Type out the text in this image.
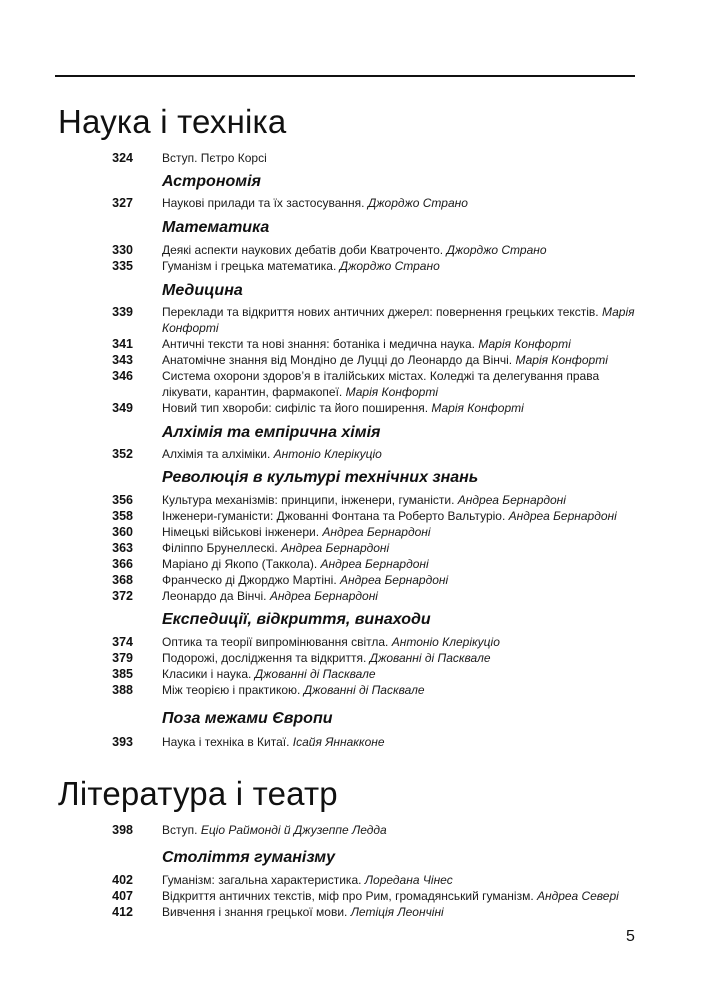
Наука і техніка
324 Вступ. Пєтро Корсі
Астрономія
327 Наукові прилади та їх застосування. Джорджо Страно
Математика
330 Деякі аспекти наукових дебатів доби Кватроченто. Джорджо Страно
335 Гуманізм і грецька математика. Джорджо Страно
Медицина
339 Переклади та відкриття нових античних джерел: повернення грецьких текстів. Марія Конфорті
341 Античні тексти та нові знання: ботаніка і медична наука. Марія Конфорті
343 Анатомічне знання від Мондіно де Луцці до Леонардо да Вінчі. Марія Конфорті
346 Система охорони здоров’я в італійських містах. Коледжі та делегування права лікувати, карантин, фармакопеї. Марія Конфорті
349 Новий тип хвороби: сифіліс та його поширення. Марія Конфорті
Алхімія та емпірична хімія
352 Алхімія та алхіміки. Антоніо Клерікуціо
Революція в культурі технічних знань
356 Культура механізмів: принципи, інженери, гуманісти. Андреа Бернардоні
358 Інженери-гуманісти: Джованні Фонтана та Роберто Вальтуріо. Андреа Бернардоні
360 Німецькі військові інженери. Андреа Бернардоні
363 Філіппо Брунеллескі. Андреа Бернардоні
366 Маріано ді Якопо (Таккола). Андреа Бернардоні
368 Франческо ді Джорджо Мартіні. Андреа Бернардоні
372 Леонардо да Вінчі. Андреа Бернардоні
Експедиції, відкриття, винаходи
374 Оптика та теорії випромінювання світла. Антоніо Клерікуціо
379 Подорожі, дослідження та відкриття. Джованні ді Пасквале
385 Класики і наука. Джованні ді Пасквале
388 Між теорією і практикою. Джованні ді Пасквале
Поза межами Європи
393 Наука і техніка в Китаї. Ісайя Яннакконе
Література і театр
398 Вступ. Еціо Раймонді й Джузеппе Ледда
Століття гуманізму
402 Гуманізм: загальна характеристика. Лоредана Чінес
407 Відкриття античних текстів, міф про Рим, громадянський гуманізм. Андреа Севері
412 Вивчення і знання грецької мови. Летіція Леончіні
5
